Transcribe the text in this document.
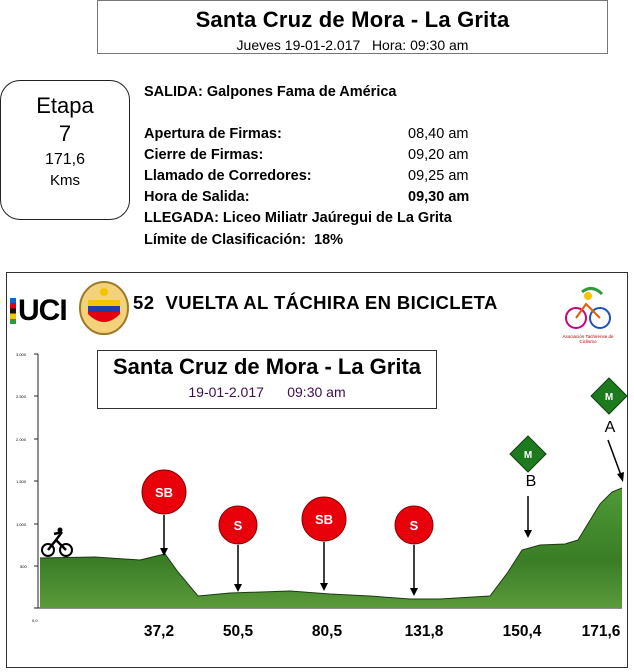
Santa Cruz de Mora - La Grita
Jueves 19-01-2.017   Hora: 09:30 am
Etapa
7
171,6
Kms
SALIDA: Galpones Fama de América
Apertura de Firmas:	08,40 am
Cierre de Firmas:	09,20 am
Llamado de Corredores:	09,25 am
Hora de Salida:	09,30 am
LLEGADA: Liceo Miliatr Jaúregui de La Grita
Límite de Clasificación:  18%
UCI	52  VUELTA AL TÁCHIRA EN BICICLETA
Asociación Tachirense de Ciclismo
Santa Cruz de Mora - La Grita
19-01-2.017      09:30 am
3.000
2.500
2.000
1.500
1.000
500
0,0
SB
S	SB	S
M
B
M
A
37,2	50,5	80,5	131,8	150,4	171,6
